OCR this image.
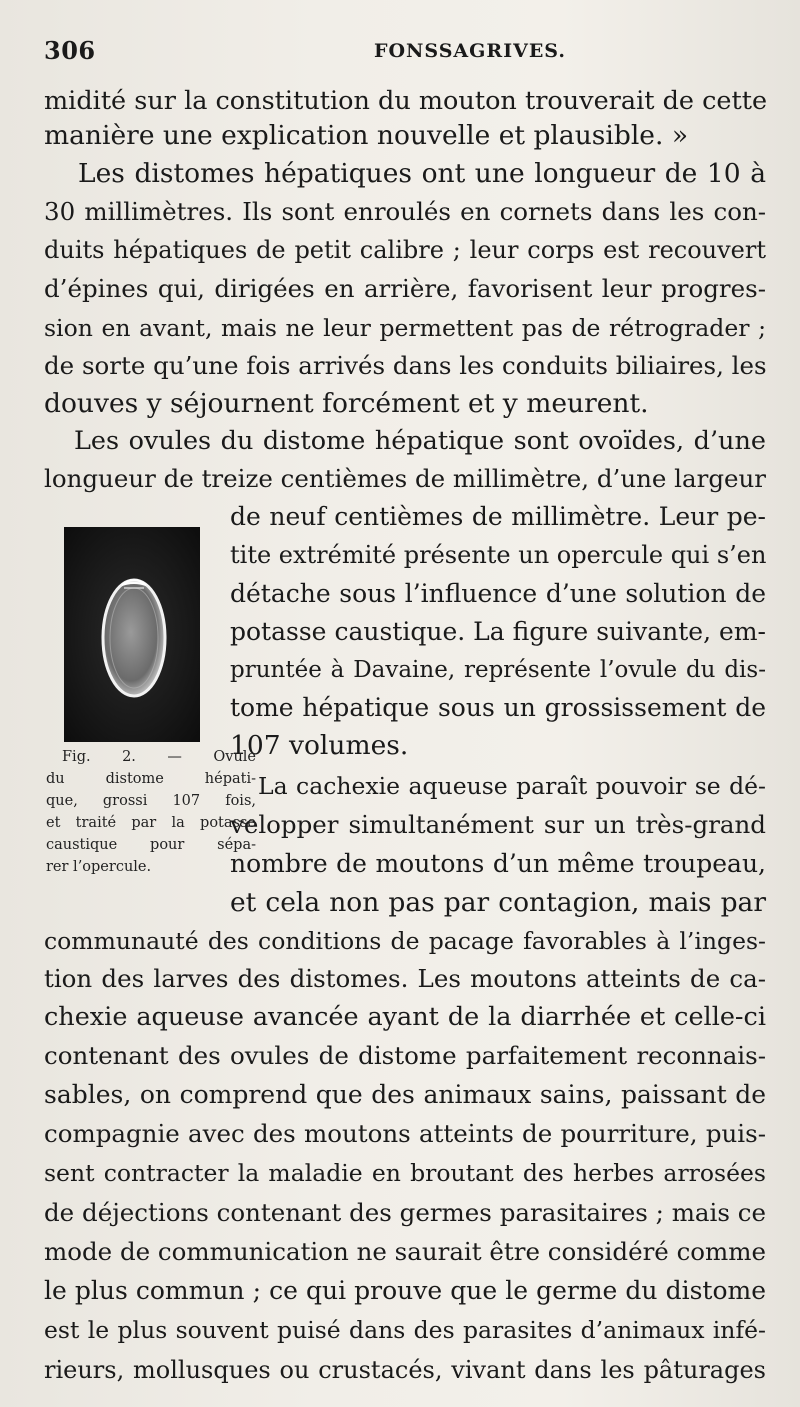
306	FONSSAGRIVES.
midité sur la constitution du mouton trouverait de cette
manière une explication nouvelle et plausible. »
Les distomes hépatiques ont une longueur de 10 à
30 millimètres. Ils sont enroulés en cornets dans les con-
duits hépatiques de petit calibre ; leur corps est recouvert
d’épines qui, dirigées en arrière, favorisent leur progres-
sion en avant, mais ne leur permettent pas de rétrograder ;
de sorte qu’une fois arrivés dans les conduits biliaires, les
douves y séjournent forcément et y meurent.
Les ovules du distome hépatique sont ovoïdes, d’une
longueur de treize centièmes de millimètre, d’une largeur
de neuf centièmes de millimètre. Leur pe-
tite extrémité présente un opercule qui s’en
détache sous l’influence d’une solution de
potasse caustique. La figure suivante, em-
pruntée à Davaine, représente l’ovule du dis-
tome hépatique sous un grossissement de
107 volumes.
La cachexie aqueuse paraît pouvoir se dé-
velopper simultanément sur un très-grand
nombre de moutons d’un même troupeau,
et cela non pas par contagion, mais par
Fig. 2. — Ovule
du distome hépati-
que, grossi 107 fois,
et traité par la potasse
caustique pour sépa-
rer l’opercule.
communauté des conditions de pacage favorables à l’inges-
tion des larves des distomes. Les moutons atteints de ca-
chexie aqueuse avancée ayant de la diarrhée et celle-ci
contenant des ovules de distome parfaitement reconnais-
sables, on comprend que des animaux sains, paissant de
compagnie avec des moutons atteints de pourriture, puis-
sent contracter la maladie en broutant des herbes arrosées
de déjections contenant des germes parasitaires ; mais ce
mode de communication ne saurait être considéré comme
le plus commun ; ce qui prouve que le germe du distome
est le plus souvent puisé dans des parasites d’animaux infé-
rieurs, mollusques ou crustacés, vivant dans les pâturages
